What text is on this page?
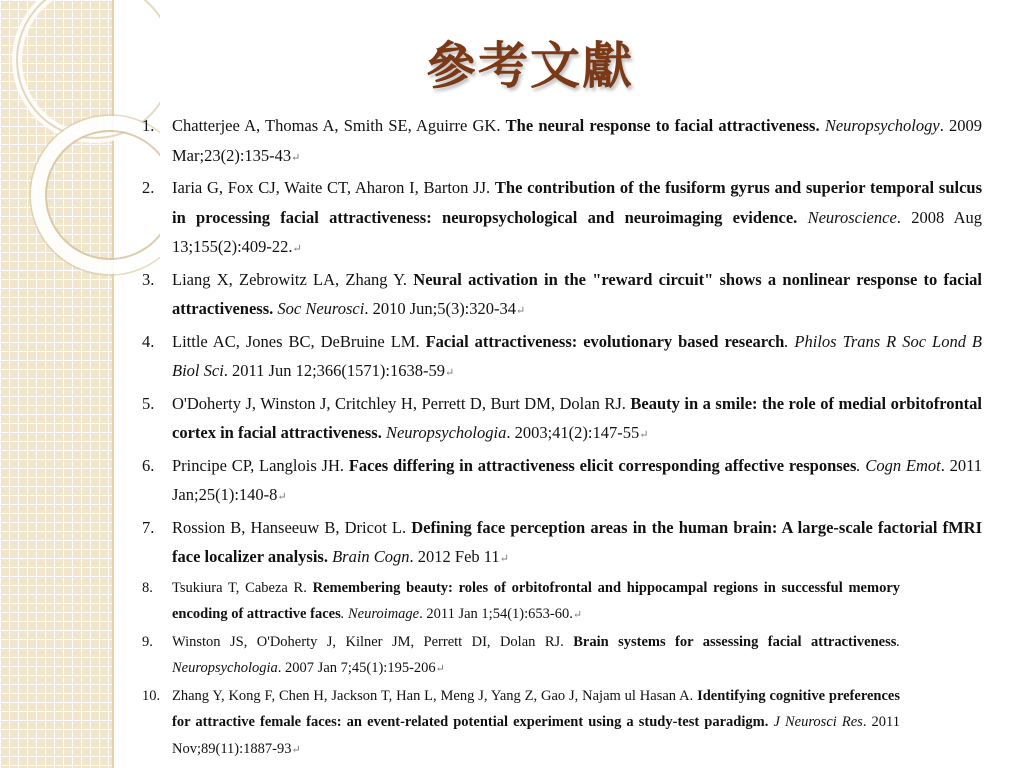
參考文獻
1.	Chatterjee A, Thomas A, Smith SE, Aguirre GK. The neural response to facial attractiveness. Neuropsychology. 2009 Mar;23(2):135-43↵
2.	Iaria G, Fox CJ, Waite CT, Aharon I, Barton JJ. The contribution of the fusiform gyrus and superior temporal sulcus in processing facial attractiveness: neuropsychological and neuroimaging evidence. Neuroscience. 2008 Aug 13;155(2):409-22.↵
3.	Liang X, Zebrowitz LA, Zhang Y. Neural activation in the "reward circuit" shows a nonlinear response to facial attractiveness. Soc Neurosci. 2010 Jun;5(3):320-34↵
4.	Little AC, Jones BC, DeBruine LM. Facial attractiveness: evolutionary based research. Philos Trans R Soc Lond B Biol Sci. 2011 Jun 12;366(1571):1638-59↵
5.	O'Doherty J, Winston J, Critchley H, Perrett D, Burt DM, Dolan RJ. Beauty in a smile: the role of medial orbitofrontal cortex in facial attractiveness. Neuropsychologia. 2003;41(2):147-55↵
6.	Principe CP, Langlois JH. Faces differing in attractiveness elicit corresponding affective responses. Cogn Emot. 2011 Jan;25(1):140-8↵
7.	Rossion B, Hanseeuw B, Dricot L. Defining face perception areas in the human brain: A large-scale factorial fMRI face localizer analysis. Brain Cogn. 2012 Feb 11↵
8.	Tsukiura T, Cabeza R. Remembering beauty: roles of orbitofrontal and hippocampal regions in successful memory encoding of attractive faces. Neuroimage. 2011 Jan 1;54(1):653-60.↵
9.	Winston JS, O'Doherty J, Kilner JM, Perrett DI, Dolan RJ. Brain systems for assessing facial attractiveness. Neuropsychologia. 2007 Jan 7;45(1):195-206↵
10. Zhang Y, Kong F, Chen H, Jackson T, Han L, Meng J, Yang Z, Gao J, Najam ul Hasan A. Identifying cognitive preferences for attractive female faces: an event-related potential experiment using a study-test paradigm. J Neurosci Res. 2011 Nov;89(11):1887-93↵
